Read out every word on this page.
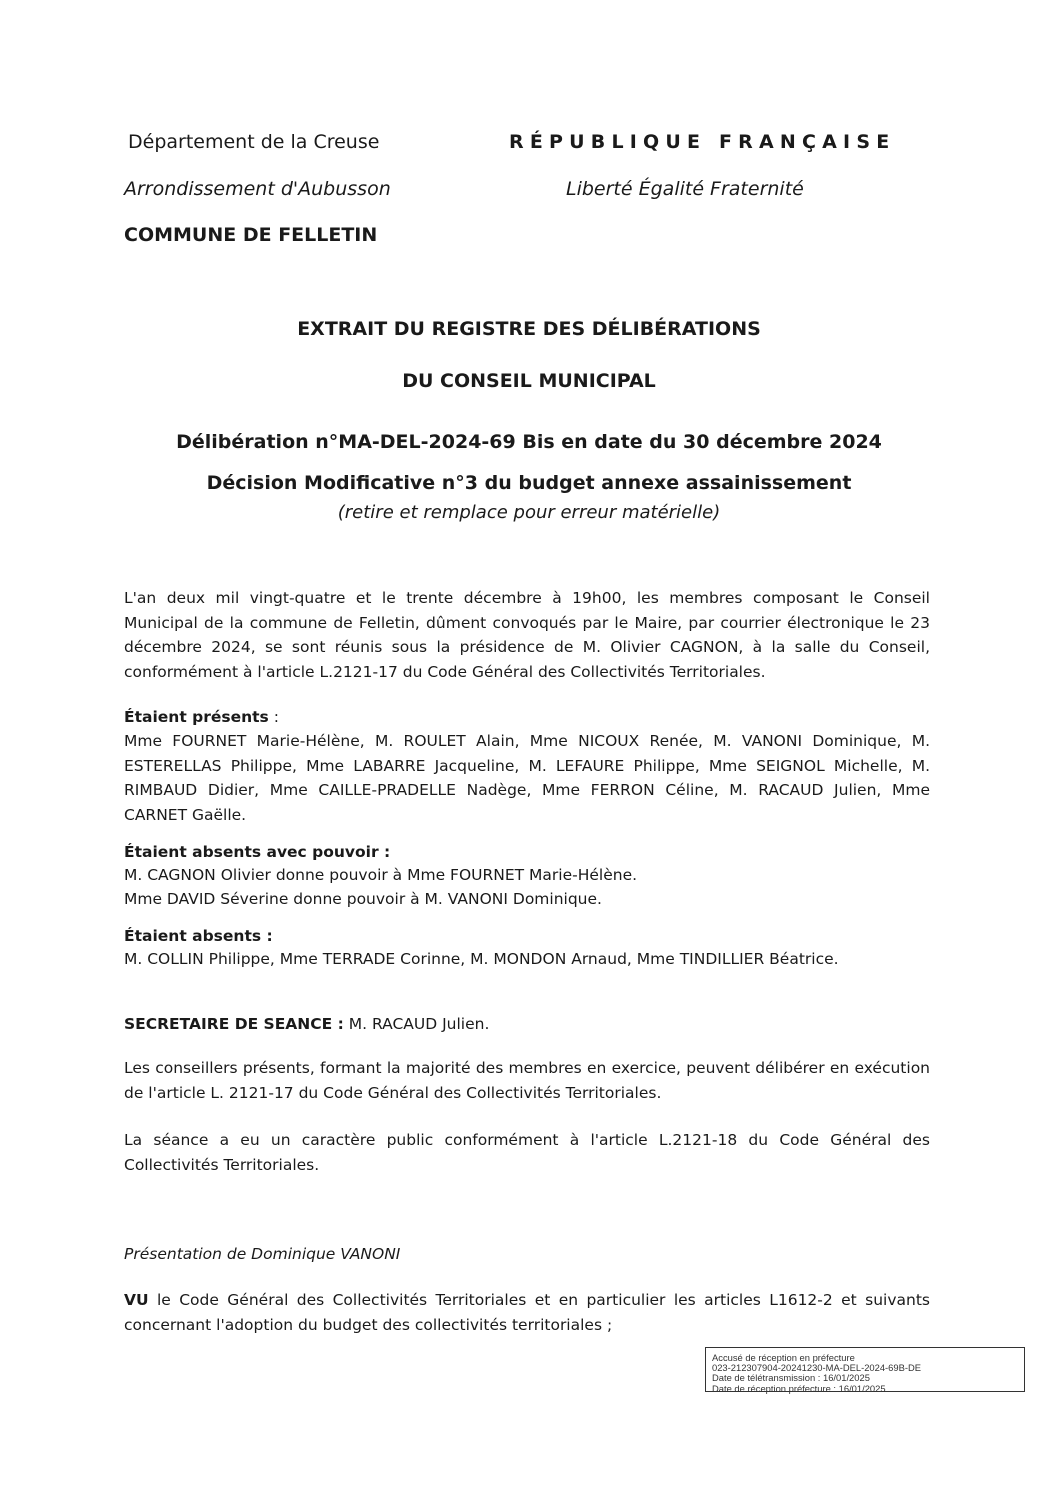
Département de la Creuse
Arrondissement d'Aubusson
COMMUNE DE FELLETIN
RÉPUBLIQUE FRANÇAISE
Liberté Égalité Fraternité
EXTRAIT DU REGISTRE DES DÉLIBÉRATIONS
DU CONSEIL MUNICIPAL
Délibération n°MA-DEL-2024-69 Bis en date du 30 décembre 2024
Décision Modificative n°3 du budget annexe assainissement
(retire et remplace pour erreur matérielle)

L'an deux mil vingt-quatre et le trente décembre à 19h00, les membres composant le Conseil Municipal de la commune de Felletin, dûment convoqués par le Maire, par courrier électronique le 23 décembre 2024, se sont réunis sous la présidence de M. Olivier CAGNON, à la salle du Conseil, conformément à l'article L.2121-17 du Code Général des Collectivités Territoriales.

Étaient présents :

Mme FOURNET Marie-Hélène, M. ROULET Alain, Mme NICOUX Renée, M. VANONI Dominique, M. ESTERELLAS Philippe, Mme LABARRE Jacqueline, M. LEFAURE Philippe, Mme SEIGNOL Michelle, M. RIMBAUD Didier, Mme CAILLE-PRADELLE Nadège, Mme FERRON Céline, M. RACAUD Julien, Mme CARNET Gaëlle.

Étaient absents avec pouvoir :
M. CAGNON Olivier donne pouvoir à Mme FOURNET Marie-Hélène.
Mme DAVID Séverine donne pouvoir à M. VANONI Dominique.
Étaient absents :
M. COLLIN Philippe, Mme TERRADE Corinne, M. MONDON Arnaud, Mme TINDILLIER Béatrice.
SECRETAIRE DE SEANCE : M. RACAUD Julien.

Les conseillers présents, formant la majorité des membres en exercice, peuvent délibérer en exécution de l'article L. 2121-17 du Code Général des Collectivités Territoriales.

La séance a eu un caractère public conformément à l'article L.2121-18 du Code Général des Collectivités Territoriales.

Présentation de Dominique VANONI

VU le Code Général des Collectivités Territoriales et en particulier les articles L1612-2 et suivants concernant l'adoption du budget des collectivités territoriales ;

Accusé de réception en préfecture
023-212307904-20241230-MA-DEL-2024-69B-DE
Date de télétransmission : 16/01/2025
Date de réception préfecture : 16/01/2025
